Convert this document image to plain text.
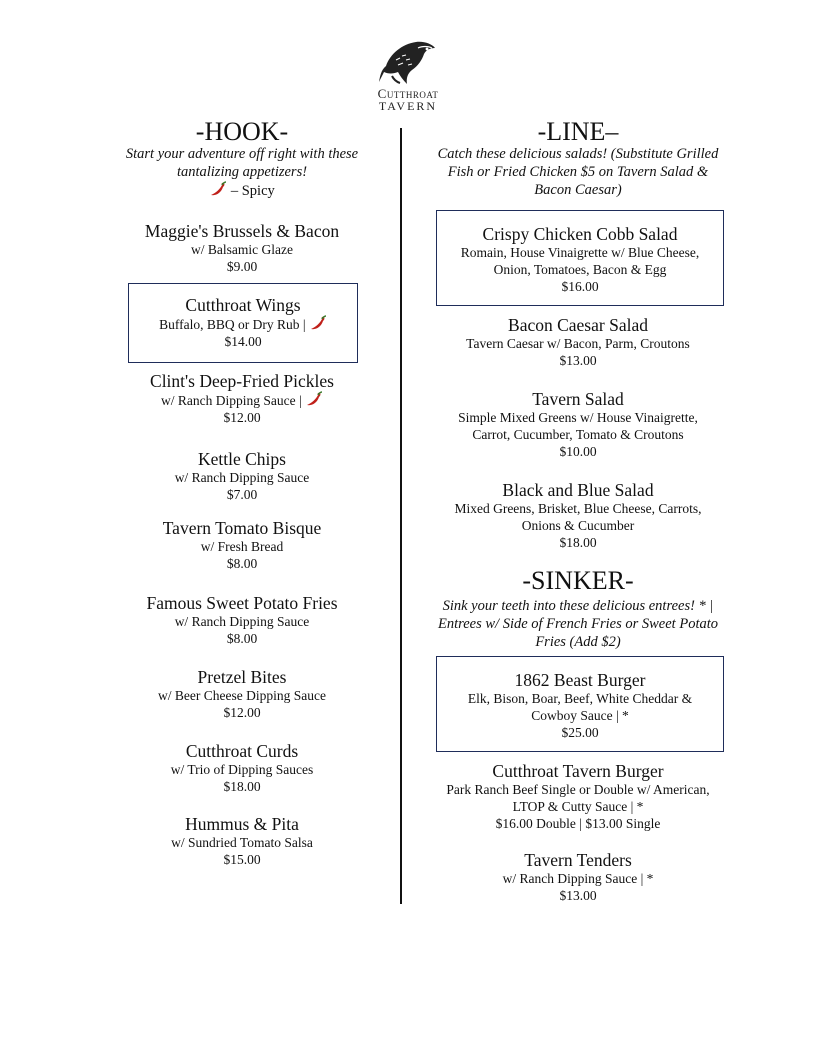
Cutthroat
TAVERN
-HOOK-
Start your adventure off right with these tantalizing appetizers!
– Spicy
Maggie's Brussels & Bacon
w/ Balsamic Glaze
$9.00
Cutthroat Wings
Buffalo, BBQ or Dry Rub |
$14.00
Clint's Deep-Fried Pickles
w/ Ranch Dipping Sauce |
$12.00
Kettle Chips
w/ Ranch Dipping Sauce
$7.00
Tavern Tomato Bisque
w/ Fresh Bread
$8.00
Famous Sweet Potato Fries
w/ Ranch Dipping Sauce
$8.00
Pretzel Bites
w/ Beer Cheese Dipping Sauce
$12.00
Cutthroat Curds
w/ Trio of Dipping Sauces
$18.00
Hummus & Pita
w/ Sundried Tomato Salsa
$15.00
-LINE–
Catch these delicious salads! (Substitute Grilled Fish or Fried Chicken $5 on Tavern Salad & Bacon Caesar)
Crispy Chicken Cobb Salad
Romain, House Vinaigrette w/ Blue Cheese, Onion, Tomatoes, Bacon & Egg
$16.00
Bacon Caesar Salad
Tavern Caesar w/ Bacon, Parm, Croutons
$13.00
Tavern Salad
Simple Mixed Greens w/ House Vinaigrette, Carrot, Cucumber, Tomato & Croutons
$10.00
Black and Blue Salad
Mixed Greens, Brisket, Blue Cheese, Carrots, Onions & Cucumber
$18.00
-SINKER-
Sink your teeth into these delicious entrees! * | Entrees w/ Side of French Fries or Sweet Potato Fries (Add $2)
1862 Beast Burger
Elk, Bison, Boar, Beef, White Cheddar & Cowboy Sauce | *
$25.00
Cutthroat Tavern Burger
Park Ranch Beef Single or Double w/ American, LTOP & Cutty Sauce | *
$16.00 Double | $13.00 Single
Tavern Tenders
w/ Ranch Dipping Sauce | *
$13.00
